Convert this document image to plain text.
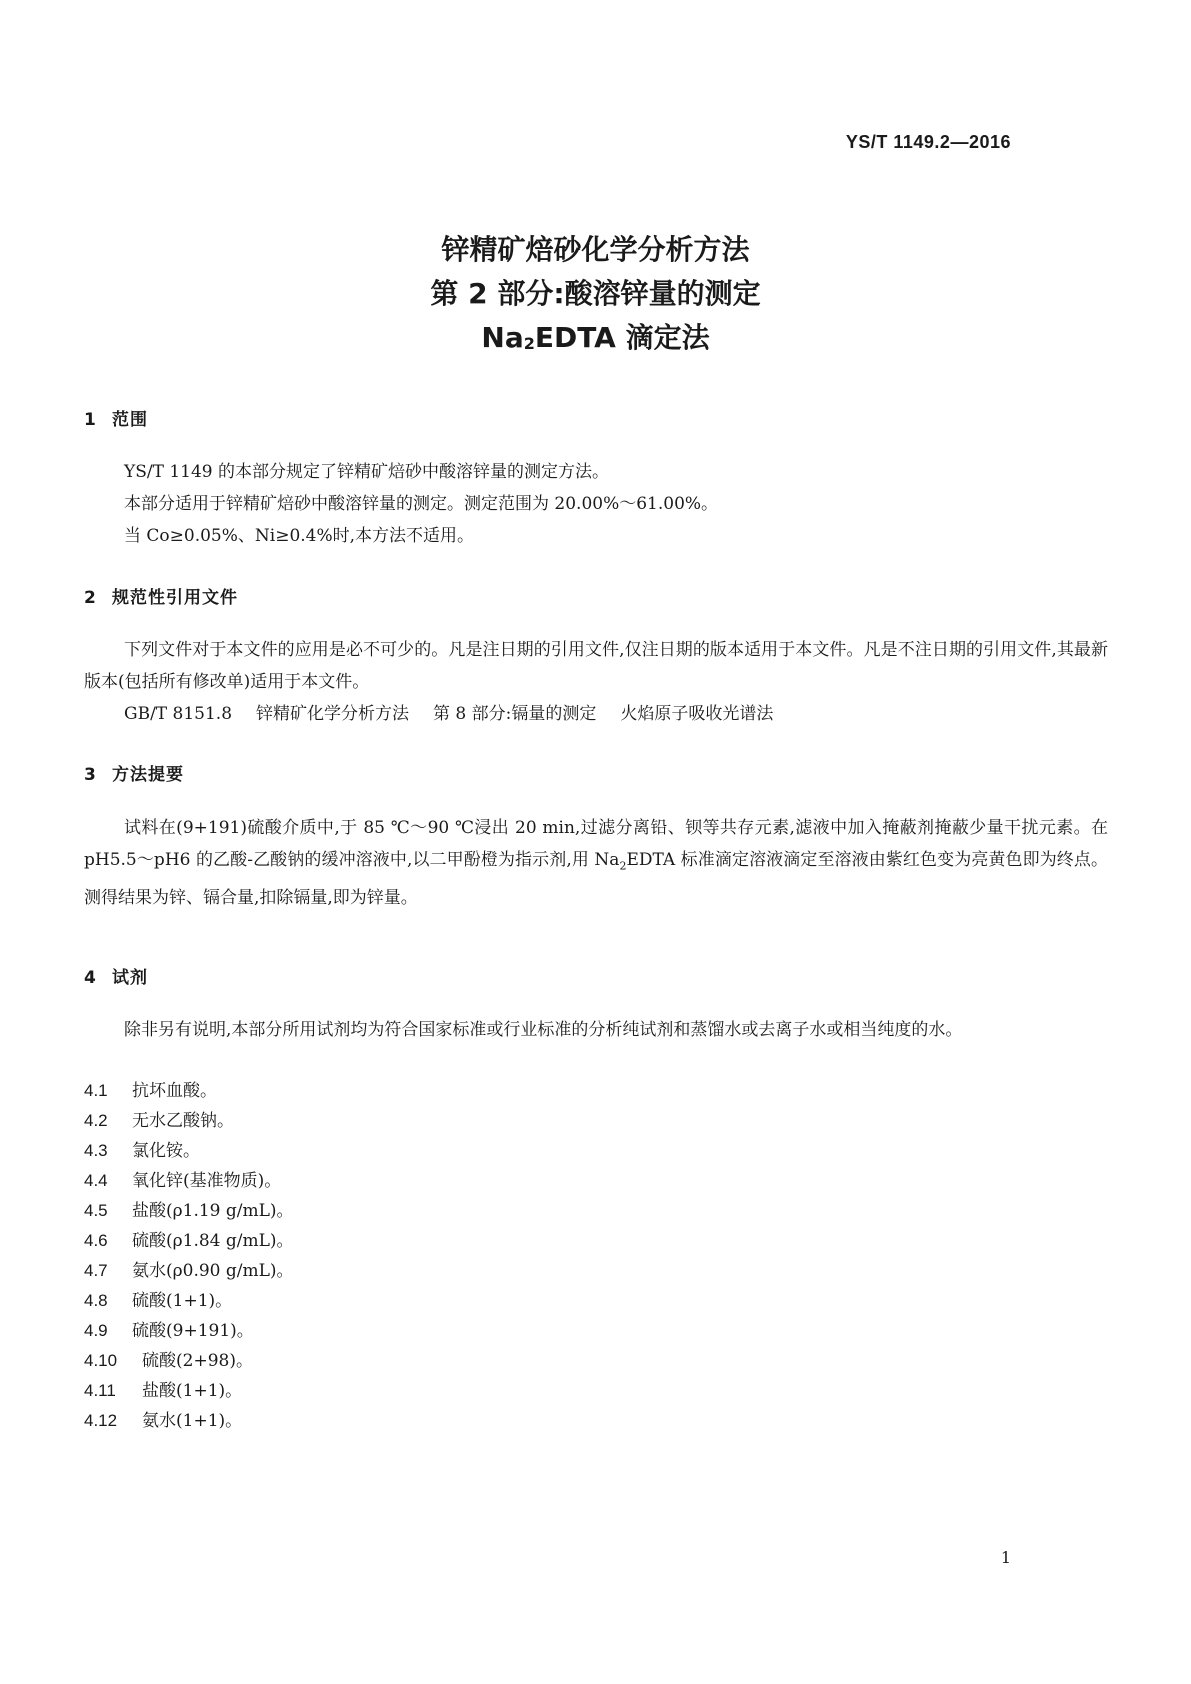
YS/T 1149.2—2016
锌精矿焙砂化学分析方法
第 2 部分:酸溶锌量的测定
$Na_2EDTA$ 滴定法
1 范围
YS/T 1149 的本部分规定了锌精矿焙砂中酸溶锌量的测定方法。
本部分适用于锌精矿焙砂中酸溶锌量的测定。测定范围为 20.00%～61.00%。
当 Co≥0.05%、Ni≥0.4%时,本方法不适用。
2 规范性引用文件
下列文件对于本文件的应用是必不可少的。凡是注日期的引用文件,仅注日期的版本适用于本文件。凡是不注日期的引用文件,其最新版本(包括所有修改单)适用于本文件。
GB/T 8151.8 锌精矿化学分析方法 第 8 部分:镉量的测定 火焰原子吸收光谱法
3 方法提要
试料在(9+191)硫酸介质中,于 85 ℃～90 ℃浸出 20 min,过滤分离铅、钡等共存元素,滤液中加入掩蔽剂掩蔽少量干扰元素。在 pH5.5～pH6 的乙酸-乙酸钠的缓冲溶液中,以二甲酚橙为指示剂,用 $Na_2EDTA$ 标准滴定溶液滴定至溶液由紫红色变为亮黄色即为终点。测得结果为锌、镉合量,扣除镉量,即为锌量。
4 试剂
除非另有说明,本部分所用试剂均为符合国家标准或行业标准的分析纯试剂和蒸馏水或去离子水或相当纯度的水。
4.1 抗坏血酸。
4.2 无水乙酸钠。
4.3 氯化铵。
4.4 氧化锌(基准物质)。
4.5 盐酸(ρ1.19 g/mL)。
4.6 硫酸(ρ1.84 g/mL)。
4.7 氨水(ρ0.90 g/mL)。
4.8 硫酸(1+1)。
4.9 硫酸(9+191)。
4.10 硫酸(2+98)。
4.11 盐酸(1+1)。
4.12 氨水(1+1)。
1
